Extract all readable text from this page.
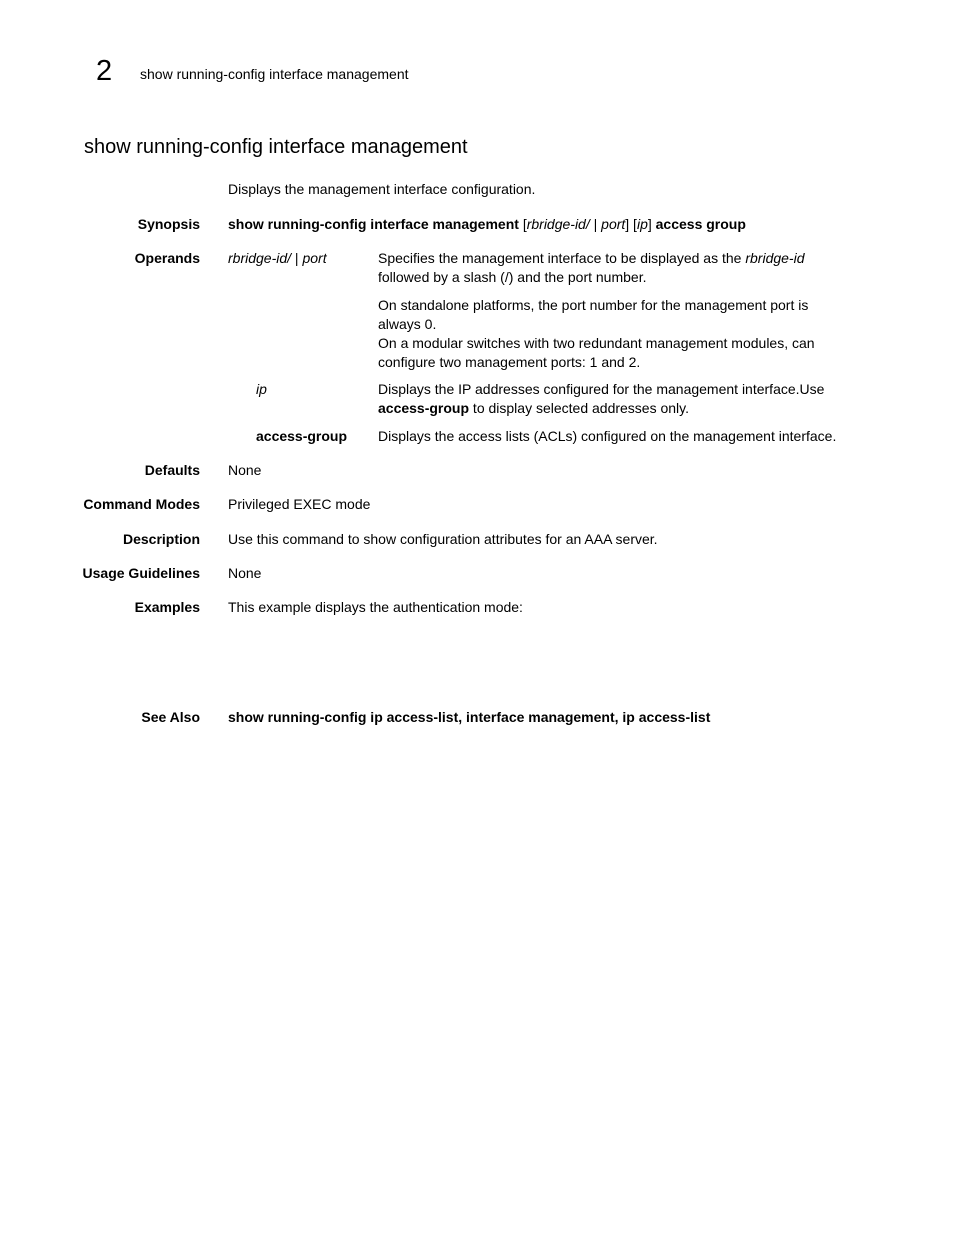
2 show running-config interface management
show running-config interface management
Displays the management interface configuration.
Synopsis show running-config interface management [rbridge-id/ | port] [ip] access group
Operands rbridge-id/ | port	Specifies the management interface to be displayed as the rbridge-id
followed by a slash (/) and the port number.
On standalone platforms, the port number for the management port is
always 0.
On a modular switches with two redundant management modules, can
configure two management ports: 1 and 2.
ip	Displays the IP addresses configured for the management interface.Use
access-group to display selected addresses only.
access-group Displays the access lists (ACLs) configured on the management interface.
Defaults None
Command Modes Privileged EXEC mode
Description Use this command to show configuration attributes for an AAA server.
Usage Guidelines None
Examples This example displays the authentication mode:
See Also show running-config ip access-list, interface management, ip access-list
